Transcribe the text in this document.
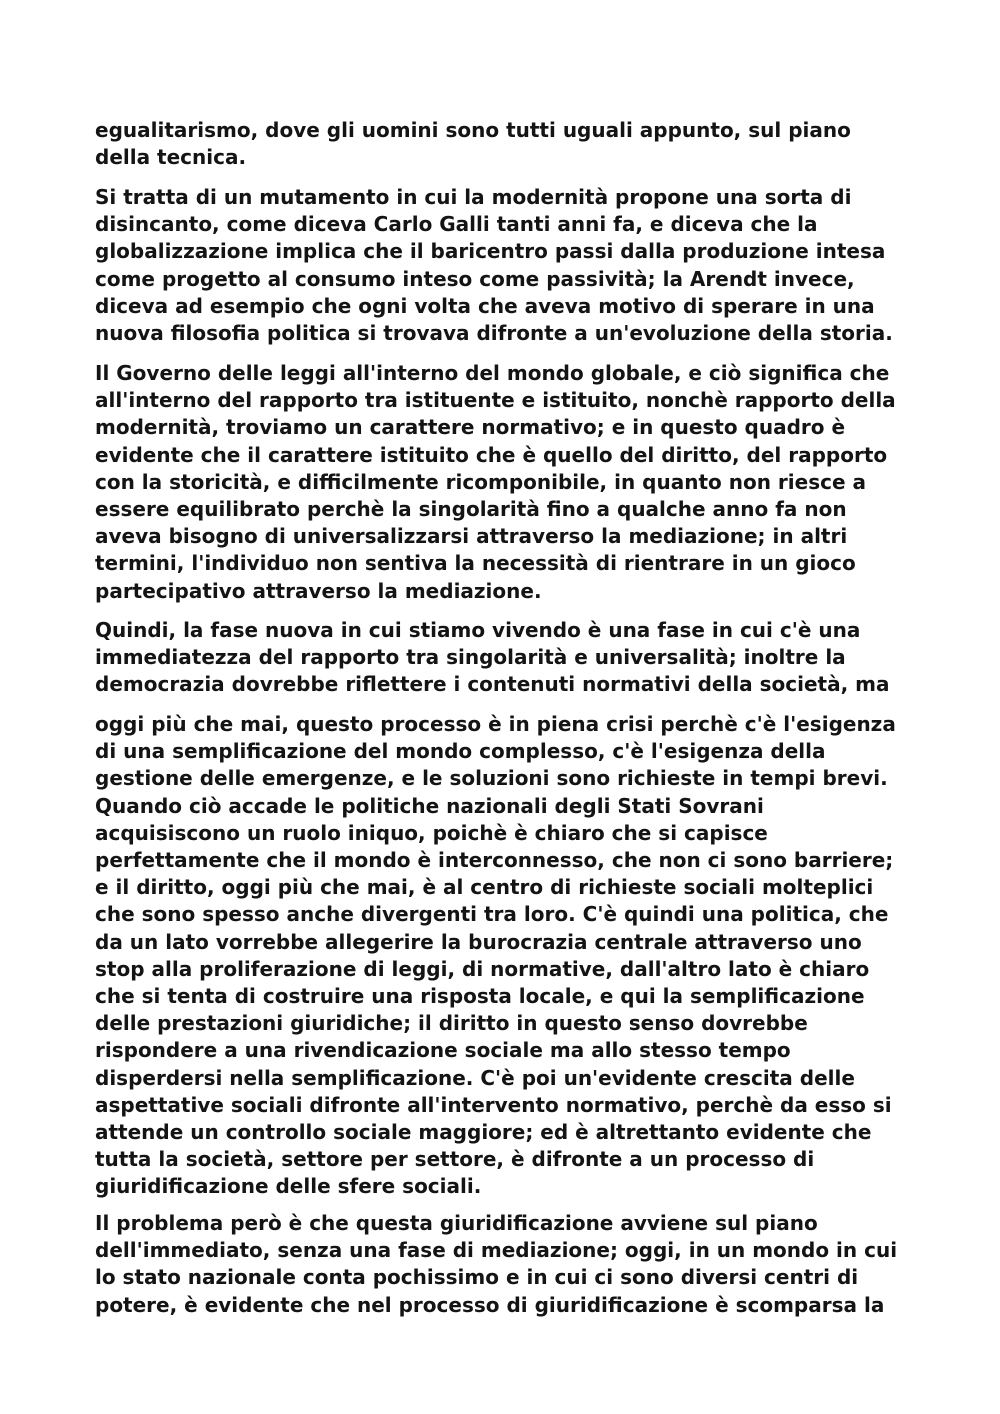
egualitarismo, dove gli uomini sono tutti uguali appunto, sul piano
della tecnica.

Si tratta di un mutamento in cui la modernità propone una sorta di
disincanto, come diceva Carlo Galli tanti anni fa, e diceva che la
globalizzazione implica che il baricentro passi dalla produzione intesa
come progetto al consumo inteso come passività; la Arendt invece,
diceva ad esempio che ogni volta che aveva motivo di sperare in una
nuova filosofia politica si trovava difronte a un'evoluzione della storia.

Il Governo delle leggi all'interno del mondo globale, e ciò significa che
all'interno del rapporto tra istituente e istituito, nonchè rapporto della
modernità, troviamo un carattere normativo; e in questo quadro è
evidente che il carattere istituito che è quello del diritto, del rapporto
con la storicità, e difficilmente ricomponibile, in quanto non riesce a
essere equilibrato perchè la singolarità fino a qualche anno fa non
aveva bisogno di universalizzarsi attraverso la mediazione; in altri
termini, l'individuo non sentiva la necessità di rientrare in un gioco
partecipativo attraverso la mediazione.

Quindi, la fase nuova in cui stiamo vivendo è una fase in cui c'è una
immediatezza del rapporto tra singolarità e universalità; inoltre la
democrazia dovrebbe riflettere i contenuti normativi della società, ma

oggi più che mai, questo processo è in piena crisi perchè c'è l'esigenza
di una semplificazione del mondo complesso, c'è l'esigenza della
gestione delle emergenze, e le soluzioni sono richieste in tempi brevi.
Quando ciò accade le politiche nazionali degli Stati Sovrani
acquisiscono un ruolo iniquo, poichè è chiaro che si capisce
perfettamente che il mondo è interconnesso, che non ci sono barriere;
e il diritto, oggi più che mai, è al centro di richieste sociali molteplici
che sono spesso anche divergenti tra loro. C'è quindi una politica, che
da un lato vorrebbe allegerire la burocrazia centrale attraverso uno
stop alla proliferazione di leggi, di normative, dall'altro lato è chiaro
che si tenta di costruire una risposta locale, e qui la semplificazione
delle prestazioni giuridiche; il diritto in questo senso dovrebbe
rispondere a una rivendicazione sociale ma allo stesso tempo
disperdersi nella semplificazione. C'è poi un'evidente crescita delle
aspettative sociali difronte all'intervento normativo, perchè da esso si
attende un controllo sociale maggiore; ed è altrettanto evidente che
tutta la società, settore per settore, è difronte a un processo di
giuridificazione delle sfere sociali.

Il problema però è che questa giuridificazione avviene sul piano
dell'immediato, senza una fase di mediazione; oggi, in un mondo in cui
lo stato nazionale conta pochissimo e in cui ci sono diversi centri di
potere, è evidente che nel processo di giuridificazione è scomparsa la
